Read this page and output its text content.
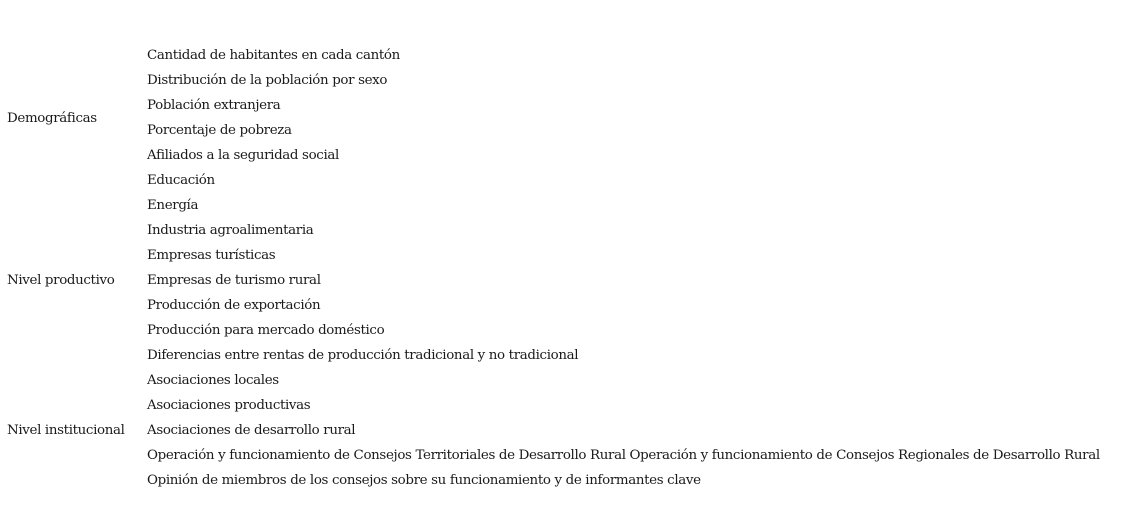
Demográficas	Cantidad de habitantes en cada cantón
	Distribución de la población por sexo
	Población extranjera
	Porcentaje de pobreza
	Afiliados a la seguridad social
	Educación
Nivel productivo	Energía
	Industria agroalimentaria
	Empresas turísticas
	Empresas de turismo rural
	Producción de exportación
	Producción para mercado doméstico
	Diferencias entre rentas de producción tradicional y no tradicional
Nivel institucional	Asociaciones locales
	Asociaciones productivas
	Asociaciones de desarrollo rural
	Operación y funcionamiento de Consejos Territoriales de Desarrollo Rural Operación y funcionamiento de Consejos Regionales de Desarrollo Rural
	Opinión de miembros de los consejos sobre su funcionamiento y de informantes clave
